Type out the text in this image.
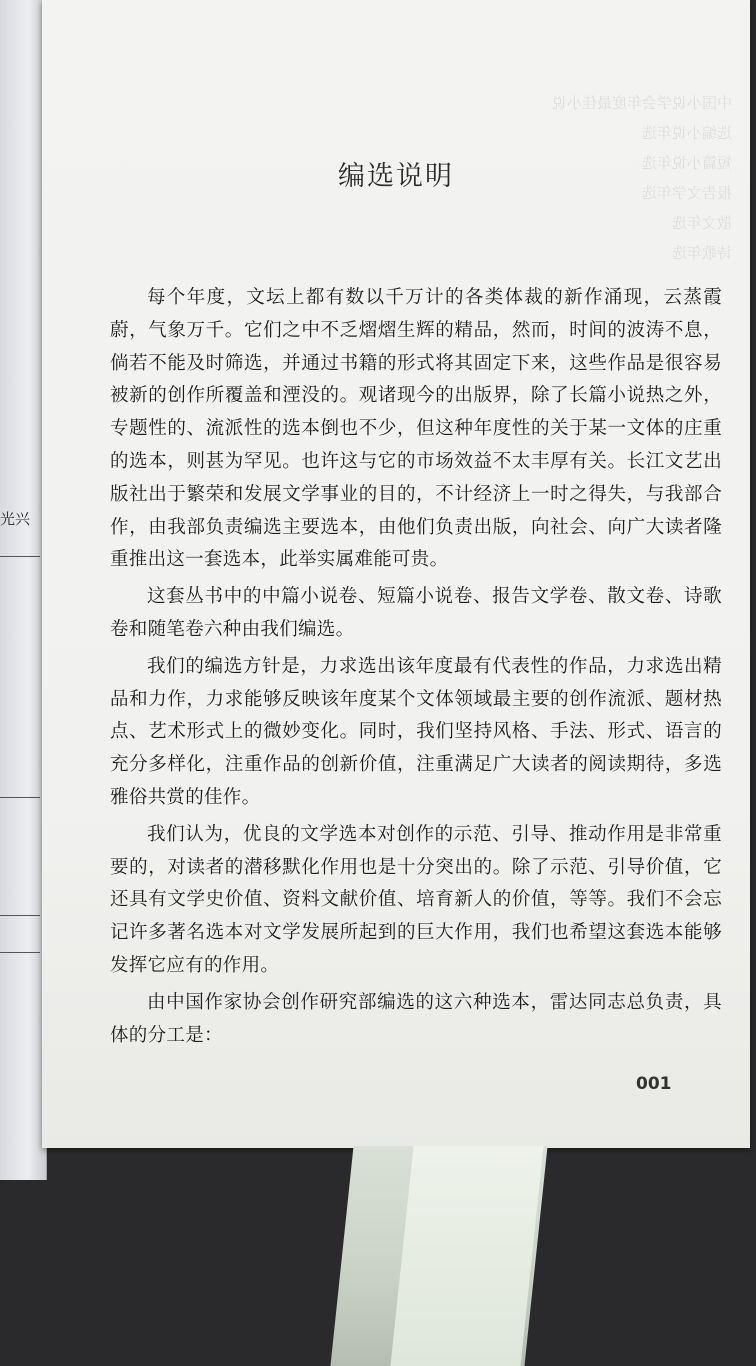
光兴
中国小说学会年度最佳小说
选编小说年选
短篇小说年选
报告文学年选
散文年选
诗歌年选
编选说明

每个年度，文坛上都有数以千万计的各类体裁的新作涌现，云蒸霞蔚，气象万千。它们之中不乏熠熠生辉的精品，然而，时间的波涛不息，倘若不能及时筛选，并通过书籍的形式将其固定下来，这些作品是很容易被新的创作所覆盖和湮没的。观诸现今的出版界，除了长篇小说热之外，专题性的、流派性的选本倒也不少，但这种年度性的关于某一文体的庄重的选本，则甚为罕见。也许这与它的市场效益不太丰厚有关。长江文艺出版社出于繁荣和发展文学事业的目的，不计经济上一时之得失，与我部合作，由我部负责编选主要选本，由他们负责出版，向社会、向广大读者隆重推出这一套选本，此举实属难能可贵。

这套丛书中的中篇小说卷、短篇小说卷、报告文学卷、散文卷、诗歌卷和随笔卷六种由我们编选。

我们的编选方针是，力求选出该年度最有代表性的作品，力求选出精品和力作，力求能够反映该年度某个文体领域最主要的创作流派、题材热点、艺术形式上的微妙变化。同时，我们坚持风格、手法、形式、语言的充分多样化，注重作品的创新价值，注重满足广大读者的阅读期待，多选雅俗共赏的佳作。

我们认为，优良的文学选本对创作的示范、引导、推动作用是非常重要的，对读者的潜移默化作用也是十分突出的。除了示范、引导价值，它还具有文学史价值、资料文献价值、培育新人的价值，等等。我们不会忘记许多著名选本对文学发展所起到的巨大作用，我们也希望这套选本能够发挥它应有的作用。

由中国作家协会创作研究部编选的这六种选本，雷达同志总负责，具体的分工是：

001
